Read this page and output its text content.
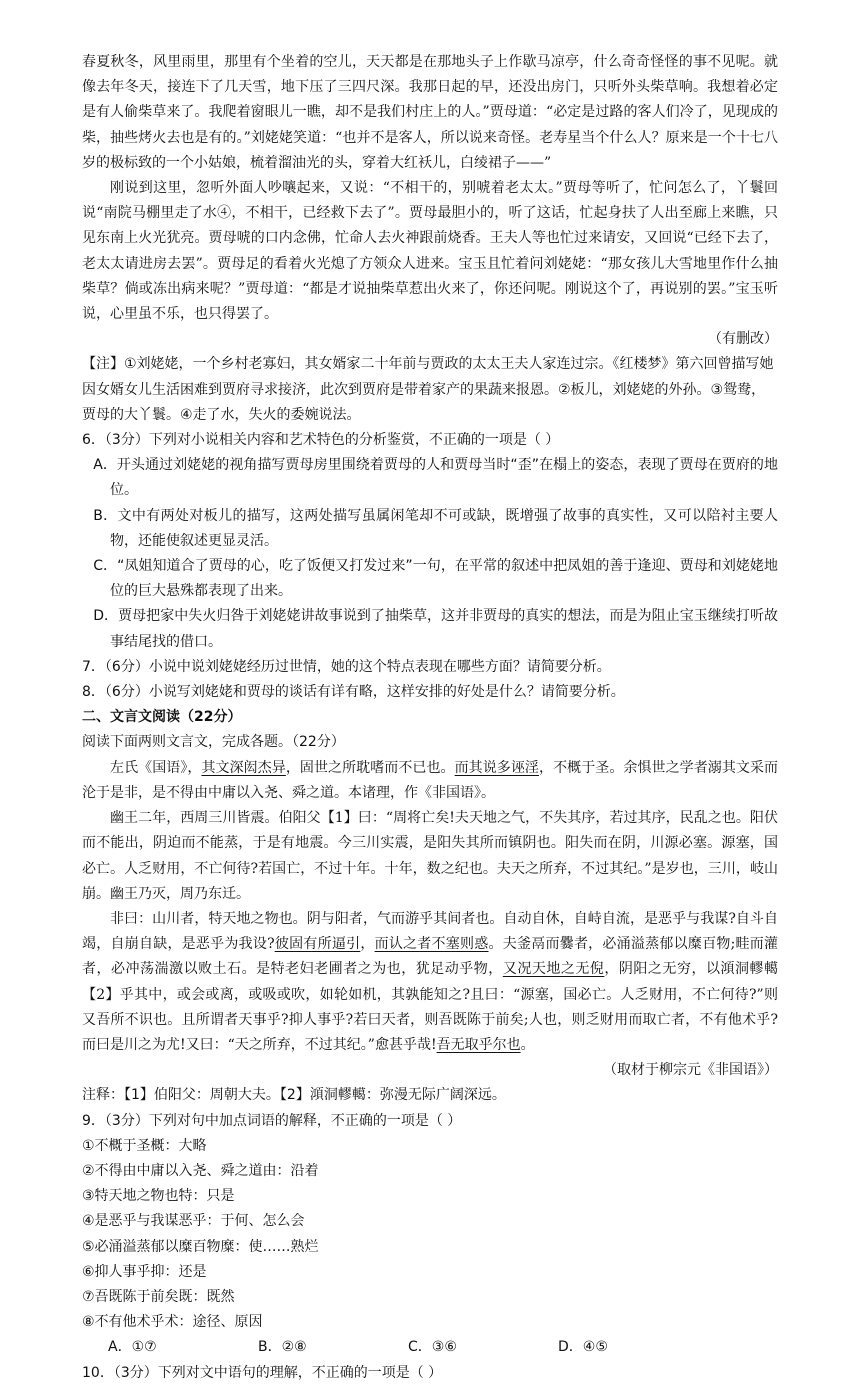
春夏秋冬，风里雨里，那里有个坐着的空儿，天天都是在那地头子上作歇马凉亭，什么奇奇怪怪的事不见呢。就像去年冬天，接连下了几天雪，地下压了三四尺深。我那日起的早，还没出房门，只听外头柴草响。我想着必定是有人偷柴草来了。我爬着窗眼儿一瞧，却不是我们村庄上的人。”贾母道：“必定是过路的客人们冷了，见现成的柴，抽些烤火去也是有的。”刘姥姥笑道：“也并不是客人，所以说来奇怪。老寿星当个什么人？原来是一个十七八岁的极标致的一个小姑娘，梳着溜油光的头，穿着大红袄儿，白绫裙子——”

刚说到这里，忽听外面人吵嚷起来，又说：“不相干的，别唬着老太太。”贾母等听了，忙问怎么了，丫鬟回说“南院马棚里走了水④，不相干，已经救下去了”。贾母最胆小的，听了这话，忙起身扶了人出至廊上来瞧，只见东南上火光犹亮。贾母唬的口内念佛，忙命人去火神跟前烧香。王夫人等也忙过来请安，又回说“已经下去了，老太太请进房去罢”。贾母足的看着火光熄了方领众人进来。宝玉且忙着问刘姥姥：“那女孩儿大雪地里作什么抽柴草？倘或冻出病来呢？”贾母道：“都是才说抽柴草惹出火来了，你还问呢。刚说这个了，再说别的罢。”宝玉听说，心里虽不乐，也只得罢了。

（有删改）

【注】①刘姥姥，一个乡村老寡妇，其女婿家二十年前与贾政的太太王夫人家连过宗。《红楼梦》第六回曾描写她因女婿女儿生活困难到贾府寻求接济，此次到贾府是带着家产的果蔬来报恩。②板儿，刘姥姥的外孙。③鸳鸯，贾母的大丫鬟。④走了水，失火的委婉说法。

6．（3分）下列对小说相关内容和艺术特色的分析鉴赏，不正确的一项是（ ）

A．开头通过刘姥姥的视角描写贾母房里围绕着贾母的人和贾母当时“歪”在榻上的姿态，表现了贾母在贾府的地位。

B．文中有两处对板儿的描写，这两处描写虽属闲笔却不可或缺，既增强了故事的真实性，又可以陪衬主要人物，还能使叙述更显灵活。

C．“凤姐知道合了贾母的心，吃了饭便又打发过来”一句，在平常的叙述中把凤姐的善于逢迎、贾母和刘姥姥地位的巨大悬殊都表现了出来。

D．贾母把家中失火归咎于刘姥姥讲故事说到了抽柴草，这并非贾母的真实的想法，而是为阻止宝玉继续打听故事结尾找的借口。

7．（6分）小说中说刘姥姥经历过世情，她的这个特点表现在哪些方面？请简要分析。

8．（6分）小说写刘姥姥和贾母的谈话有详有略，这样安排的好处是什么？请简要分析。

二、文言文阅读（22分）

阅读下面两则文言文，完成各题。（22分）

左氏《国语》，其文深闳杰异，固世之所耽嗜而不已也。而其说多诬淫，不概于圣。余惧世之学者溺其文采而沦于是非，是不得由中庸以入尧、舜之道。本诸理，作《非国语》。

幽王二年，西周三川皆震。伯阳父【1】曰：“周将亡矣!夫天地之气，不失其序，若过其序，民乱之也。阳伏而不能出，阴迫而不能蒸，于是有地震。今三川实震，是阳失其所而镇阴也。阳失而在阴，川源必塞。源塞，国必亡。人乏财用，不亡何待?若国亡，不过十年。十年，数之纪也。夫天之所弃，不过其纪。”是岁也，三川，岐山崩。幽王乃灭，周乃东迁。

非曰：山川者，特天地之物也。阴与阳者，气而游乎其间者也。自动自休，自峙自流，是恶乎与我谋?自斗自竭，自崩自缺，是恶乎为我设?彼固有所逼引，而认之者不塞则惑。夫釜鬲而爨者，必涌溢蒸郁以糜百物;畦而灌者，必冲荡湍激以败土石。是特老妇老圃者之为也，犹足动乎物，又况天地之无倪，阴阳之无穷，以澒洞轇轕【2】乎其中，或会或离，或吸或吹，如轮如机，其孰能知之?且曰：“源塞，国必亡。人乏财用，不亡何待?”则又吾所不识也。且所谓者天事乎?抑人事乎?若曰天者，则吾既陈于前矣;人也，则乏财用而取亡者，不有他术乎?而曰是川之为尤!又曰：“天之所弃，不过其纪。”愈甚乎哉!吾无取乎尔也。

（取材于柳宗元《非国语》）

注释：【1】伯阳父：周朝大夫。【2】澒洞轇轕：弥漫无际广阔深远。

9．（3分）下列对句中加点词语的解释，不正确的一项是（ ）

①不概于圣概：大略

②不得由中庸以入尧、舜之道由：沿着

③特天地之物也特：只是

④是恶乎与我谋恶乎：于何、怎么会

⑤必涌溢蒸郁以糜百物糜：使……熟烂

⑥抑人事乎抑：还是

⑦吾既陈于前矣既：既然

⑧不有他术乎术：途径、原因

A．①⑦	B．②⑧	C．③⑥	D．④⑤

10．（3分）下列对文中语句的理解，不正确的一项是（ ）
